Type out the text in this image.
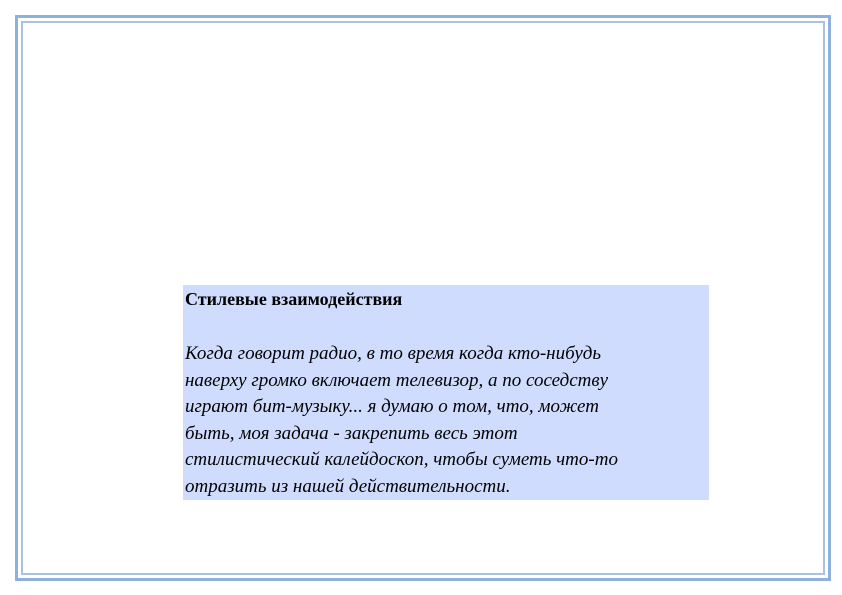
Стилевые взаимодействия

Когда говорит радио, в то время когда кто-нибудь
наверху громко включает телевизор, а по соседству
играют бит-музыку... я думаю о том, что, может
быть, моя задача - закрепить весь этот
стилистический калейдоскоп, чтобы суметь что-то
отразить из нашей действительности.
